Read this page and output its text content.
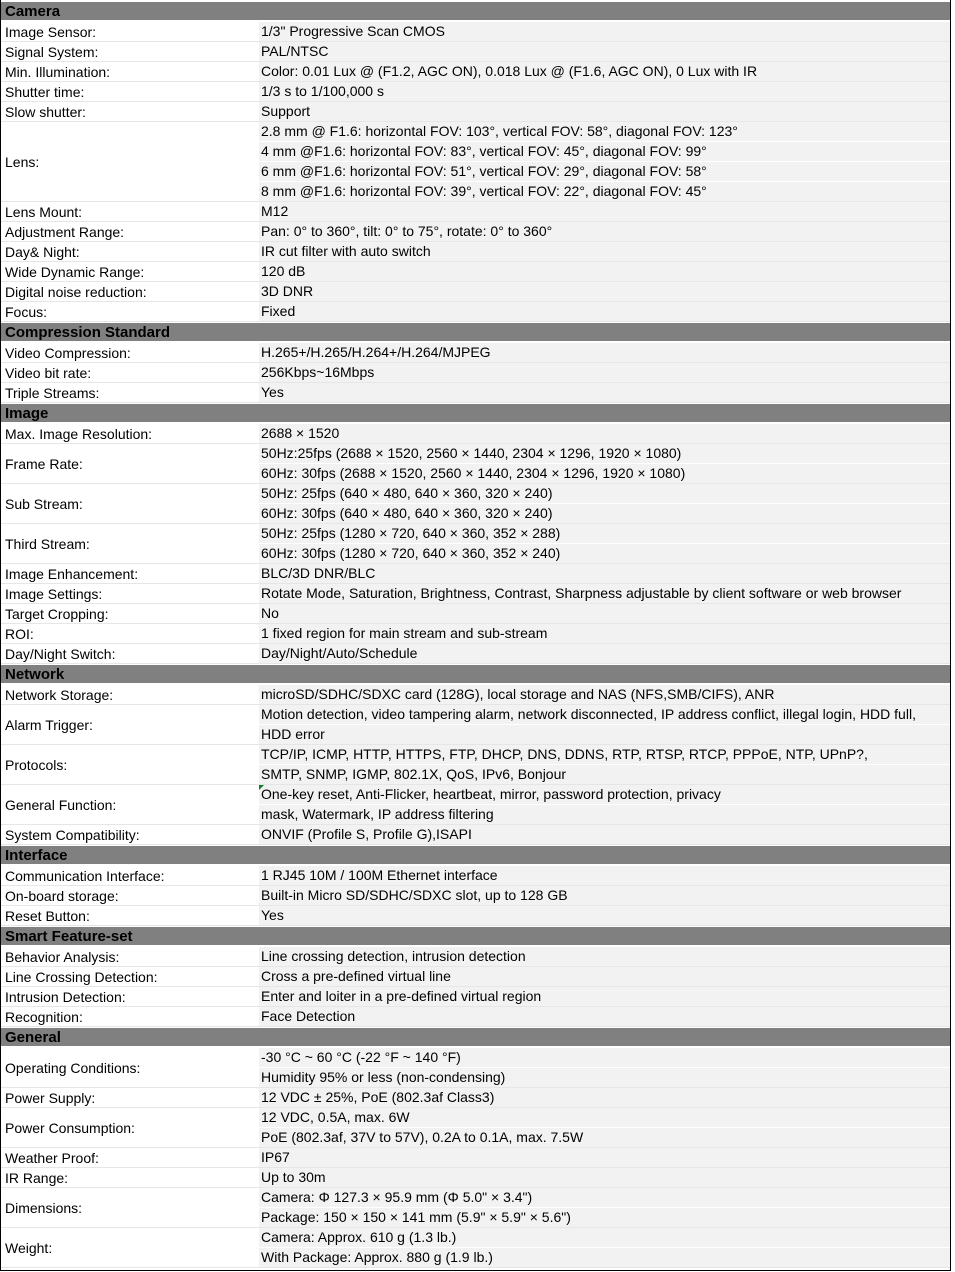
Camera
Image Sensor:	1/3" Progressive Scan CMOS
Signal System:	PAL/NTSC
Min. Illumination:	Color: 0.01 Lux @ (F1.2, AGC ON), 0.018 Lux @ (F1.6, AGC ON), 0 Lux with IR
Shutter time:	1/3 s to 1/100,000 s
Slow shutter:	Support
Lens:
2.8 mm @ F1.6: horizontal FOV: 103°, vertical FOV: 58°, diagonal FOV: 123°
4 mm @F1.6: horizontal FOV: 83°, vertical FOV: 45°, diagonal FOV: 99°
6 mm @F1.6: horizontal FOV: 51°, vertical FOV: 29°, diagonal FOV: 58°
8 mm @F1.6: horizontal FOV: 39°, vertical FOV: 22°, diagonal FOV: 45°
Lens Mount:	M12
Adjustment Range:	Pan: 0° to 360°, tilt: 0° to 75°, rotate: 0° to 360°
Day& Night:	IR cut filter with auto switch
Wide Dynamic Range:	120 dB
Digital noise reduction:	3D DNR
Focus:	Fixed
Compression Standard
Video Compression:	H.265+/H.265/H.264+/H.264/MJPEG
Video bit rate:	256Kbps~16Mbps
Triple Streams:	Yes
Image
Max. Image Resolution:	2688 × 1520
Frame Rate:
50Hz:25fps (2688 × 1520, 2560 × 1440, 2304 × 1296, 1920 × 1080)
60Hz: 30fps (2688 × 1520, 2560 × 1440, 2304 × 1296, 1920 × 1080)
Sub Stream:
50Hz: 25fps (640 × 480, 640 × 360, 320 × 240)
60Hz: 30fps (640 × 480, 640 × 360, 320 × 240)
Third Stream:
50Hz: 25fps (1280 × 720, 640 × 360, 352 × 288)
60Hz: 30fps (1280 × 720, 640 × 360, 352 × 240)
Image Enhancement:	BLC/3D DNR/BLC
Image Settings:	Rotate Mode, Saturation, Brightness, Contrast, Sharpness adjustable by client software or web browser
Target Cropping:	No
ROI:	1 fixed region for main stream and sub-stream
Day/Night Switch:	Day/Night/Auto/Schedule
Network
Network Storage:	microSD/SDHC/SDXC card (128G), local storage and NAS (NFS,SMB/CIFS), ANR
Alarm Trigger:
Motion detection, video tampering alarm, network disconnected, IP address conflict, illegal login, HDD full,
HDD error
Protocols:
TCP/IP, ICMP, HTTP, HTTPS, FTP, DHCP, DNS, DDNS, RTP, RTSP, RTCP, PPPoE, NTP, UPnP?,
SMTP, SNMP, IGMP, 802.1X, QoS, IPv6, Bonjour
General Function:
One-key reset, Anti-Flicker, heartbeat, mirror, password protection, privacy
mask, Watermark, IP address filtering
System Compatibility:	ONVIF (Profile S, Profile G),ISAPI
Interface
Communication Interface:	1 RJ45 10M / 100M Ethernet interface
On-board storage:	Built-in Micro SD/SDHC/SDXC slot, up to 128 GB
Reset Button:	Yes
Smart Feature-set
Behavior Analysis:	Line crossing detection, intrusion detection
Line Crossing Detection:	Cross a pre-defined virtual line
Intrusion Detection:	Enter and loiter in a pre-defined virtual region
Recognition:	Face Detection
General
Operating Conditions:
-30 °C ~ 60 °C (-22 °F ~ 140 °F)
Humidity 95% or less (non-condensing)
Power Supply:	12 VDC ± 25%, PoE (802.3af Class3)
Power Consumption:
12 VDC, 0.5A, max. 6W
PoE (802.3af, 37V to 57V), 0.2A to 0.1A, max. 7.5W
Weather Proof:	IP67
IR Range:	Up to 30m
Dimensions:
Camera: Φ 127.3 × 95.9 mm (Φ 5.0" × 3.4")
Package: 150 × 150 × 141 mm (5.9" × 5.9" × 5.6")
Weight:
Camera: Approx. 610 g (1.3 lb.)
With Package: Approx. 880 g (1.9 lb.)
